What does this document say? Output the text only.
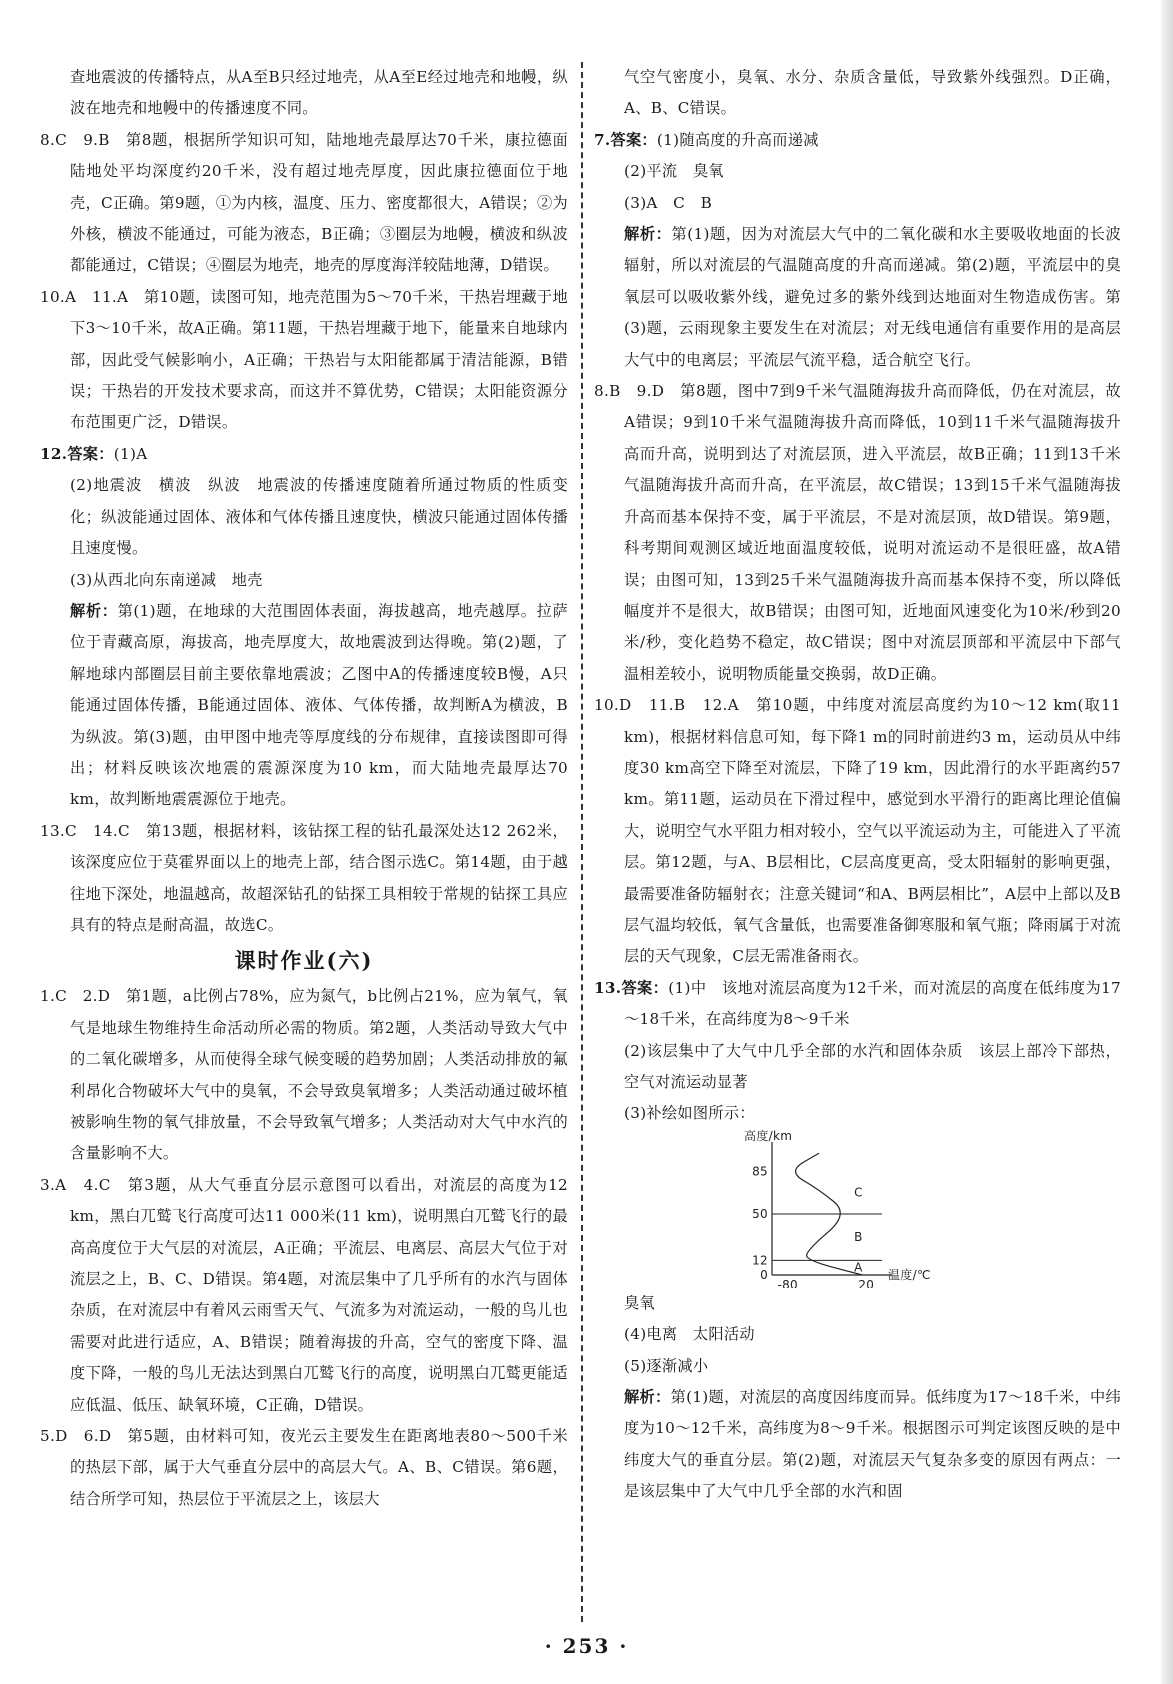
查地震波的传播特点，从A至B只经过地壳，从A至E经过地壳和地幔，纵波在地壳和地幔中的传播速度不同。

8.C　9.B　第8题，根据所学知识可知，陆地地壳最厚达70千米，康拉德面陆地处平均深度约20千米，没有超过地壳厚度，因此康拉德面位于地壳，C正确。第9题，①为内核，温度、压力、密度都很大，A错误；②为外核，横波不能通过，可能为液态，B正确；③圈层为地幔，横波和纵波都能通过，C错误；④圈层为地壳，地壳的厚度海洋较陆地薄，D错误。

10.A　11.A　第10题，读图可知，地壳范围为5～70千米，干热岩埋藏于地下3～10千米，故A正确。第11题，干热岩埋藏于地下，能量来自地球内部，因此受气候影响小，A正确；干热岩与太阳能都属于清洁能源，B错误；干热岩的开发技术要求高，而这并不算优势，C错误；太阳能资源分布范围更广泛，D错误。

12.答案：(1)A

(2)地震波　横波　纵波　地震波的传播速度随着所通过物质的性质变化；纵波能通过固体、液体和气体传播且速度快，横波只能通过固体传播且速度慢。

(3)从西北向东南递减　地壳

解析：第(1)题，在地球的大范围固体表面，海拔越高，地壳越厚。拉萨位于青藏高原，海拔高，地壳厚度大，故地震波到达得晚。第(2)题，了解地球内部圈层目前主要依靠地震波；乙图中A的传播速度较B慢，A只能通过固体传播，B能通过固体、液体、气体传播，故判断A为横波，B为纵波。第(3)题，由甲图中地壳等厚度线的分布规律，直接读图即可得出；材料反映该次地震的震源深度为10 km，而大陆地壳最厚达70 km，故判断地震震源位于地壳。

13.C　14.C　第13题，根据材料，该钻探工程的钻孔最深处达12 262米，该深度应位于莫霍界面以上的地壳上部，结合图示选C。第14题，由于越往地下深处，地温越高，故超深钻孔的钻探工具相较于常规的钻探工具应具有的特点是耐高温，故选C。

课时作业(六)

1.C　2.D　第1题，a比例占78%，应为氮气，b比例占21%，应为氧气，氧气是地球生物维持生命活动所必需的物质。第2题，人类活动导致大气中的二氧化碳增多，从而使得全球气候变暖的趋势加剧；人类活动排放的氟利昂化合物破坏大气中的臭氧，不会导致臭氧增多；人类活动通过破坏植被影响生物的氧气排放量，不会导致氧气增多；人类活动对大气中水汽的含量影响不大。

3.A　4.C　第3题，从大气垂直分层示意图可以看出，对流层的高度为12 km，黑白兀鹫飞行高度可达11 000米(11 km)，说明黑白兀鹫飞行的最高高度位于大气层的对流层，A正确；平流层、电离层、高层大气位于对流层之上，B、C、D错误。第4题，对流层集中了几乎所有的水汽与固体杂质，在对流层中有着风云雨雪天气、气流多为对流运动，一般的鸟儿也需要对此进行适应，A、B错误；随着海拔的升高，空气的密度下降、温度下降，一般的鸟儿无法达到黑白兀鹫飞行的高度，说明黑白兀鹫更能适应低温、低压、缺氧环境，C正确，D错误。

5.D　6.D　第5题，由材料可知，夜光云主要发生在距离地表80～500千米的热层下部，属于大气垂直分层中的高层大气。A、B、C错误。第6题，结合所学可知，热层位于平流层之上，该层大

气空气密度小，臭氧、水分、杂质含量低，导致紫外线强烈。D正确，A、B、C错误。

7.答案：(1)随高度的升高而递减

(2)平流　臭氧

(3)A　C　B

解析：第(1)题，因为对流层大气中的二氧化碳和水主要吸收地面的长波辐射，所以对流层的气温随高度的升高而递减。第(2)题，平流层中的臭氧层可以吸收紫外线，避免过多的紫外线到达地面对生物造成伤害。第(3)题，云雨现象主要发生在对流层；对无线电通信有重要作用的是高层大气中的电离层；平流层气流平稳，适合航空飞行。

8.B　9.D　第8题，图中7到9千米气温随海拔升高而降低，仍在对流层，故A错误；9到10千米气温随海拔升高而降低，10到11千米气温随海拔升高而升高，说明到达了对流层顶，进入平流层，故B正确；11到13千米气温随海拔升高而升高，在平流层，故C错误；13到15千米气温随海拔升高而基本保持不变，属于平流层，不是对流层顶，故D错误。第9题，科考期间观测区域近地面温度较低，说明对流运动不是很旺盛，故A错误；由图可知，13到25千米气温随海拔升高而基本保持不变，所以降低幅度并不是很大，故B错误；由图可知，近地面风速变化为10米/秒到20米/秒，变化趋势不稳定，故C错误；图中对流层顶部和平流层中下部气温相差较小，说明物质能量交换弱，故D正确。

10.D　11.B　12.A　第10题，中纬度对流层高度约为10～12 km(取11 km)，根据材料信息可知，每下降1 m的同时前进约3 m，运动员从中纬度30 km高空下降至对流层，下降了19 km，因此滑行的水平距离约57 km。第11题，运动员在下滑过程中，感觉到水平滑行的距离比理论值偏大，说明空气水平阻力相对较小，空气以平流运动为主，可能进入了平流层。第12题，与A、B层相比，C层高度更高，受太阳辐射的影响更强，最需要准备防辐射衣；注意关键词“和A、B两层相比”，A层中上部以及B层气温均较低，氧气含量低，也需要准备御寒服和氧气瓶；降雨属于对流层的天气现象，C层无需准备雨衣。

13.答案：(1)中　该地对流层高度为12千米，而对流层的高度在低纬度为17～18千米，在高纬度为8～9千米

(2)该层集中了大气中几乎全部的水汽和固体杂质　该层上部冷下部热，空气对流运动显著

(3)补绘如图所示：

高度/km
温度/℃
85
50
12
0
-80	20
A
B
C

臭氧

(4)电离　太阳活动

(5)逐渐减小

解析：第(1)题，对流层的高度因纬度而异。低纬度为17～18千米，中纬度为10～12千米，高纬度为8～9千米。根据图示可判定该图反映的是中纬度大气的垂直分层。第(2)题，对流层天气复杂多变的原因有两点：一是该层集中了大气中几乎全部的水汽和固

· 253 ·
